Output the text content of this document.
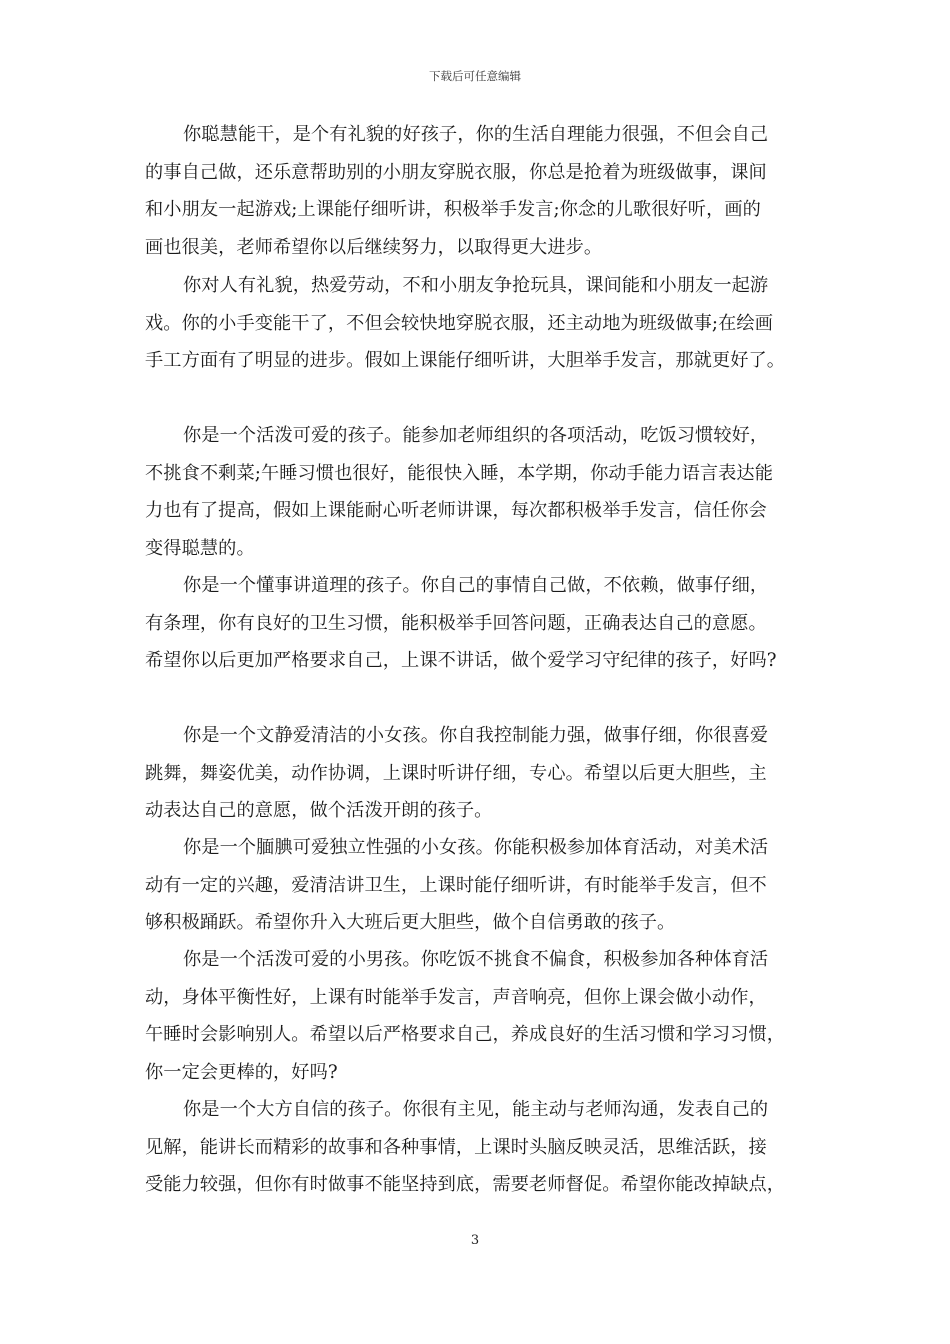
下载后可任意编辑
你聪慧能干，是个有礼貌的好孩子，你的生活自理能力很强，不但会自己
的事自己做，还乐意帮助别的小朋友穿脱衣服，你总是抢着为班级做事，课间
和小朋友一起游戏;上课能仔细听讲，积极举手发言;你念的儿歌很好听，画的
画也很美，老师希望你以后继续努力，以取得更大进步。
你对人有礼貌，热爱劳动，不和小朋友争抢玩具，课间能和小朋友一起游
戏。你的小手变能干了，不但会较快地穿脱衣服，还主动地为班级做事;在绘画
手工方面有了明显的进步。假如上课能仔细听讲，大胆举手发言，那就更好了。
你是一个活泼可爱的孩子。能参加老师组织的各项活动，吃饭习惯较好，
不挑食不剩菜;午睡习惯也很好，能很快入睡，本学期，你动手能力语言表达能
力也有了提高，假如上课能耐心听老师讲课，每次都积极举手发言，信任你会
变得聪慧的。
你是一个懂事讲道理的孩子。你自己的事情自己做，不依赖，做事仔细，
有条理，你有良好的卫生习惯，能积极举手回答问题，正确表达自己的意愿。
希望你以后更加严格要求自己，上课不讲话，做个爱学习守纪律的孩子，好吗?
你是一个文静爱清洁的小女孩。你自我控制能力强，做事仔细，你很喜爱
跳舞，舞姿优美，动作协调，上课时听讲仔细，专心。希望以后更大胆些，主
动表达自己的意愿，做个活泼开朗的孩子。
你是一个腼腆可爱独立性强的小女孩。你能积极参加体育活动，对美术活
动有一定的兴趣，爱清洁讲卫生，上课时能仔细听讲，有时能举手发言，但不
够积极踊跃。希望你升入大班后更大胆些，做个自信勇敢的孩子。
你是一个活泼可爱的小男孩。你吃饭不挑食不偏食，积极参加各种体育活
动，身体平衡性好，上课有时能举手发言，声音响亮，但你上课会做小动作，
午睡时会影响别人。希望以后严格要求自己，养成良好的生活习惯和学习习惯，
你一定会更棒的，好吗?
你是一个大方自信的孩子。你很有主见，能主动与老师沟通，发表自己的
见解，能讲长而精彩的故事和各种事情，上课时头脑反映灵活，思维活跃，接
受能力较强，但你有时做事不能坚持到底，需要老师督促。希望你能改掉缺点，
3
